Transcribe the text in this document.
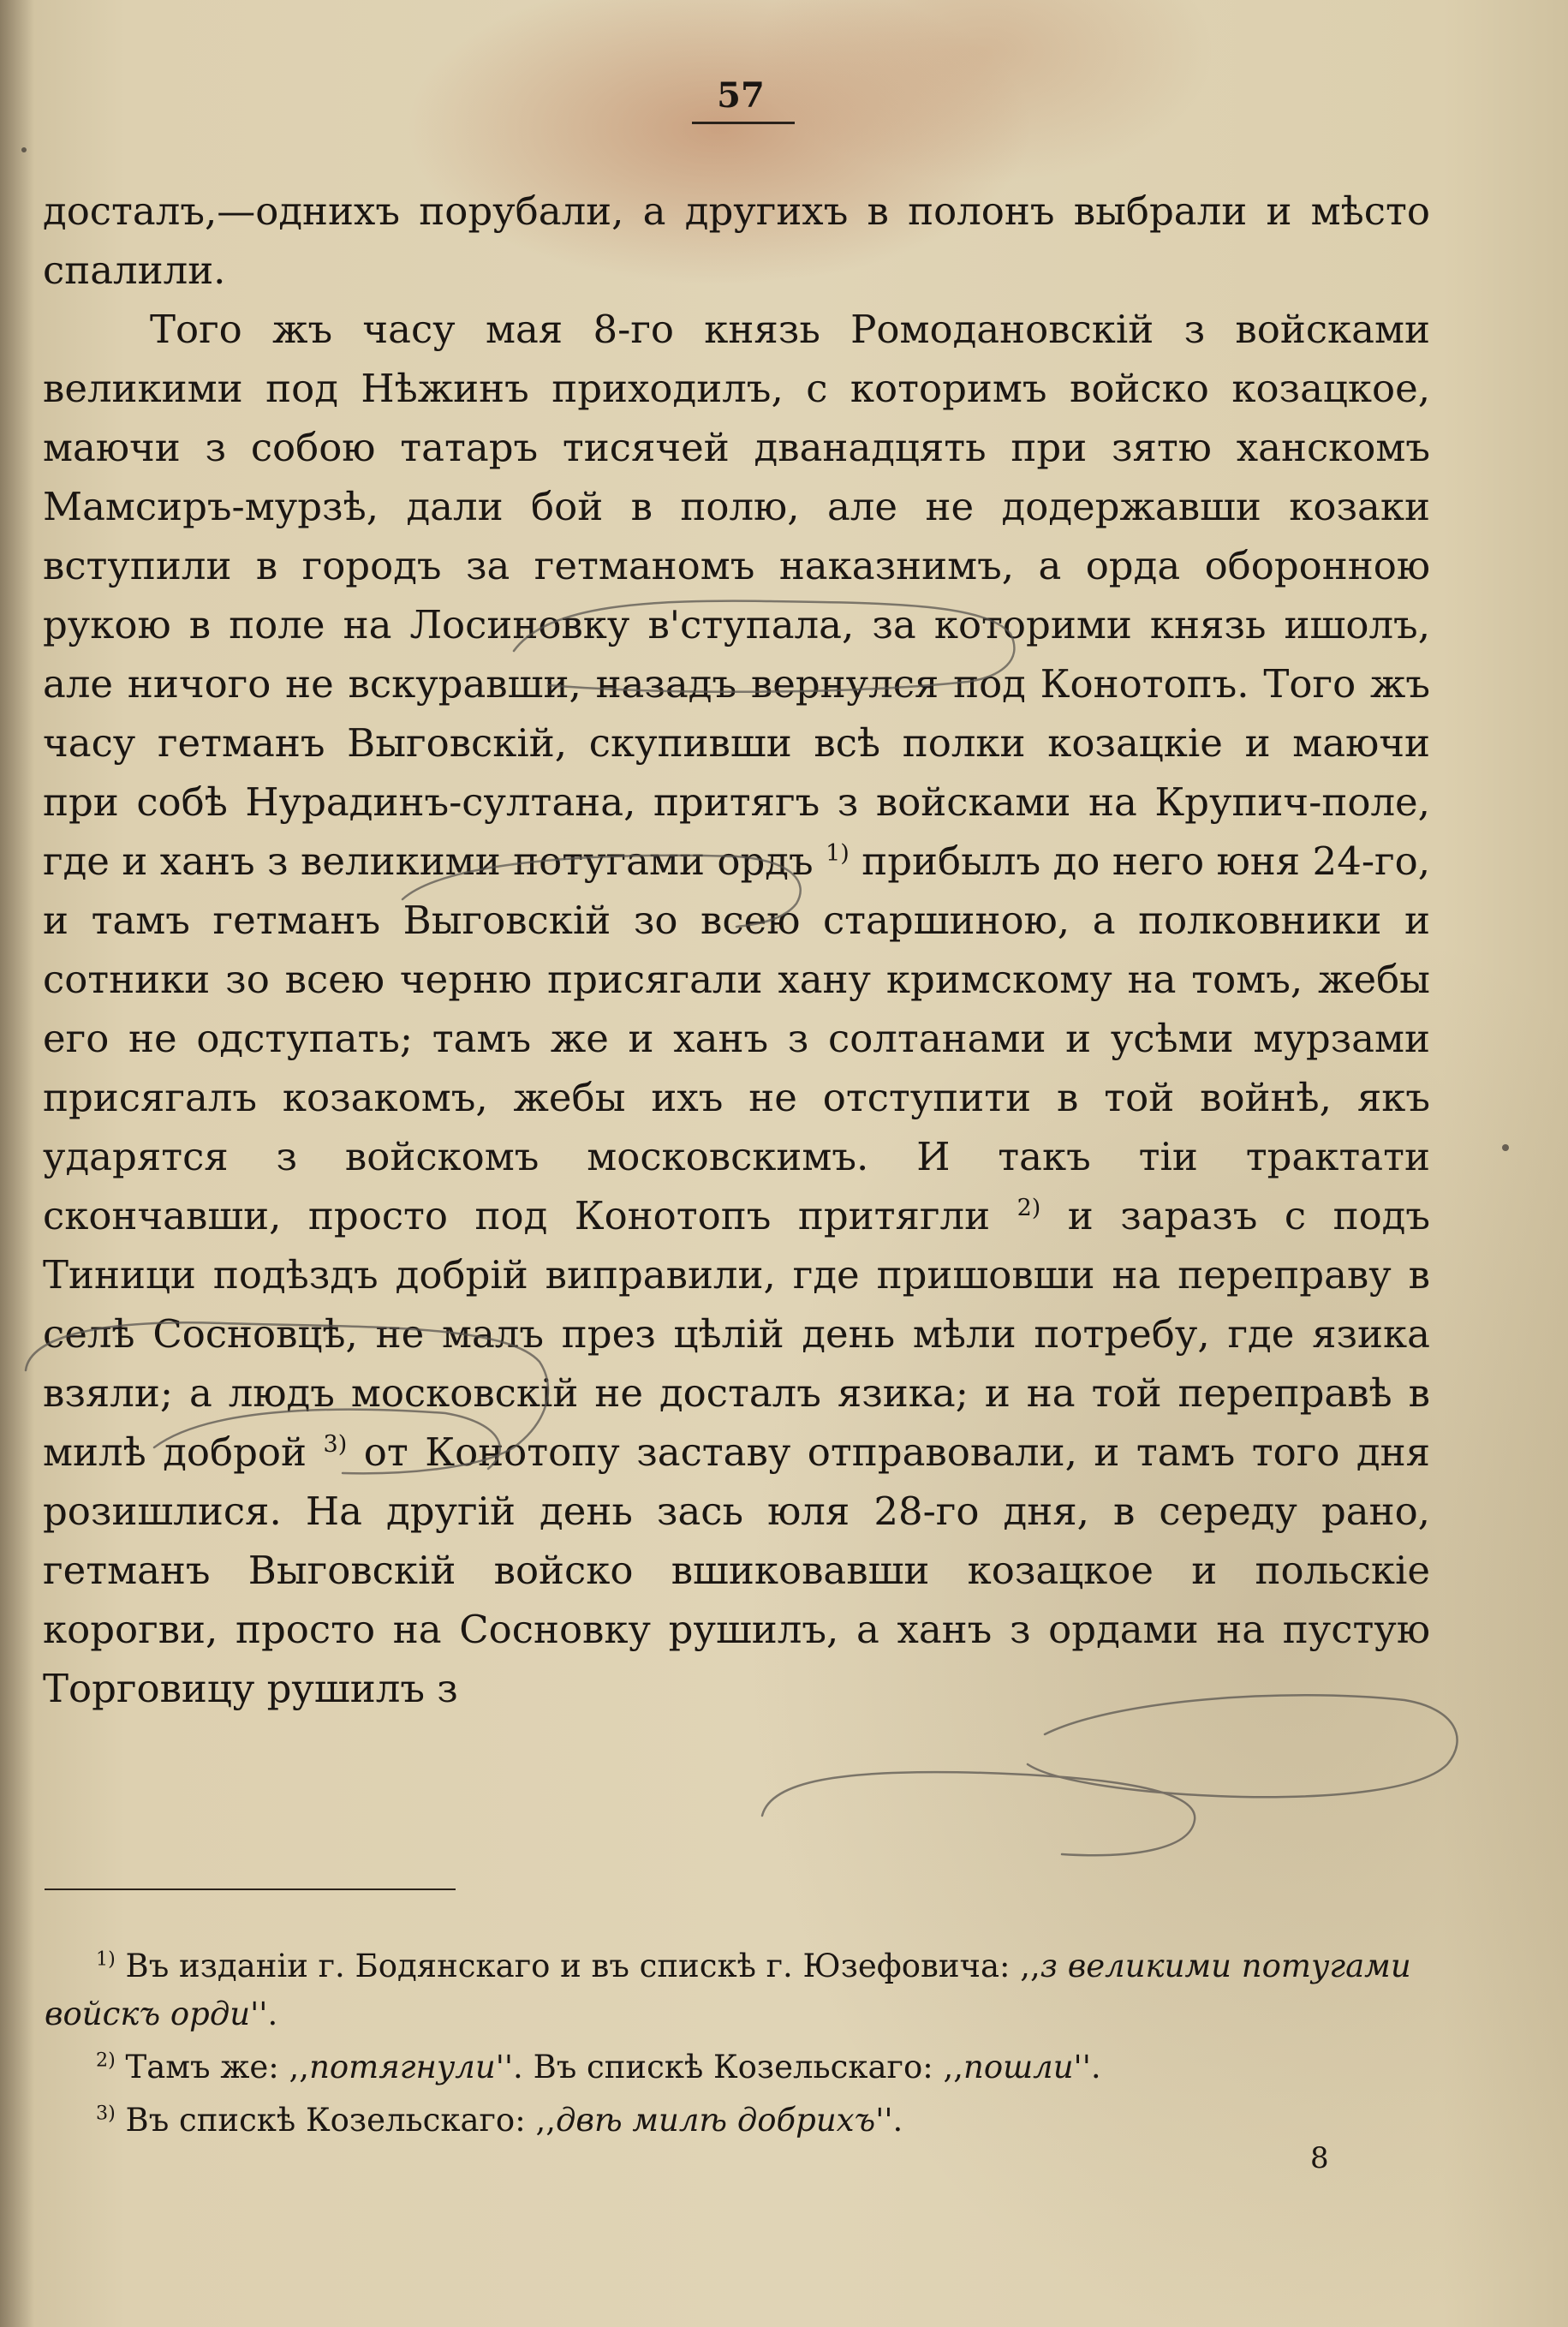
57

досталъ,—однихъ порубали, а другихъ в полонъ выбрали и мѣсто спалили.

Того жъ часу мая 8-го князь Ромодановскій з войсками великими под Нѣжинъ приходилъ, с которимъ войско козацкое, маючи з собою татаръ тисячей дванадцять при зятю ханскомъ Мамсиръ-мурзѣ, дали бой в полю, але не додержавши козаки вступили в городъ за гетманомъ наказнимъ, а орда оборонною рукою в поле на Лосиновку в'ступала, за которими князь ишолъ, але ничого не вскуравши, назадъ вернулся под Конотопъ. Того жъ часу гетманъ Выговскій, скупивши всѣ полки козацкіе и маючи при собѣ Нурадинъ-султана, притягъ з войсками на Крупич-поле, где и ханъ з великими потугами ордъ $^{1)}$ прибылъ до него юня 24-го, и тамъ гетманъ Выговскій зо всею старшиною, а полковники и сотники зо всею черню присягали хану кримскому на томъ, жебы его не одступать; тамъ же и ханъ з солтанами и усѣми мурзами присягалъ козакомъ, жебы ихъ не отступити в той войнѣ, якъ ударятся з войскомъ московскимъ. И такъ тіи трактати скончавши, просто под Конотопъ притягли $^{2)}$ и заразъ с подъ Тиници подѣздъ добрій виправили, где пришовши на переправу в селѣ Сосновцѣ, не малъ през цѣлій день мѣли потребу, где язика взяли; а людъ московскій не досталъ язика; и на той переправѣ в милѣ доброй $^{3)}$ от Конотопу заставу отправовали, и тамъ того дня розишлися. На другій день зась юля 28-го дня, в середу рано, гетманъ Выговскій войско вшиковавши козацкое и польскіе корогви, просто на Сосновку рушилъ, а ханъ з ордами на пустую Торговицу рушилъ з

$^{1)}$ Въ изданіи г. Бодянскаго и въ спискѣ г. Юзефовича: ,,з великими потугами войскъ орди''.

$^{2)}$ Тамъ же: ,,потягнули''. Въ спискѣ Козельскаго: ,,пошли''.

$^{3)}$ Въ спискѣ Козельскаго: ,,двѣ милѣ добрихъ''.

8
